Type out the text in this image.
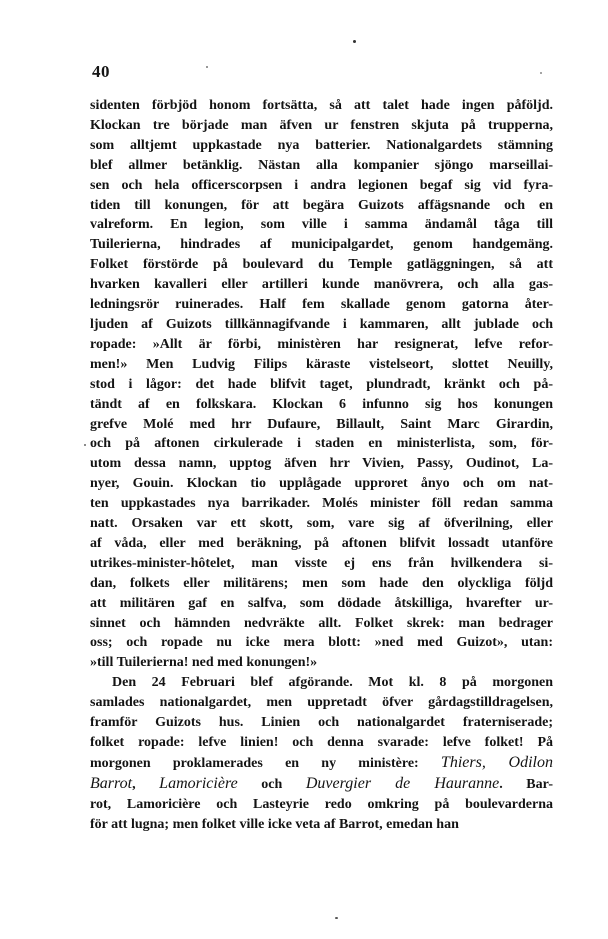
40
sidenten förbjöd honom fortsätta, så att talet hade ingen påföljd.
Klockan tre började man äfven ur fenstren skjuta på trupperna,
som alltjemt uppkastade nya batterier. Nationalgardets stämning
blef allmer betänklig. Nästan alla kompanier sjöngo marseillai-
sen och hela officerscorpsen i andra legionen begaf sig vid fyra-
tiden till konungen, för att begära Guizots affägsnande och en
valreform. En legion, som ville i samma ändamål tåga till
Tuilerierna, hindrades af municipalgardet, genom handgemäng.
Folket förstörde på boulevard du Temple gatläggningen, så att
hvarken kavalleri eller artilleri kunde manövrera, och alla gas-
ledningsrör ruinerades. Half fem skallade genom gatorna åter-
ljuden af Guizots tillkännagifvande i kammaren, allt jublade och
ropade: »Allt är förbi, ministèren har resignerat, lefve refor-
men!» Men Ludvig Filips käraste vistelseort, slottet Neuilly,
stod i lågor: det hade blifvit taget, plundradt, kränkt och på-
tändt af en folkskara. Klockan 6 infunno sig hos konungen
grefve Molé med hrr Dufaure, Billault, Saint Marc Girardin,
och på aftonen cirkulerade i staden en ministerlista, som, för-
utom dessa namn, upptog äfven hrr Vivien, Passy, Oudinot, La-
nyer, Gouin. Klockan tio upplågade upproret ånyo och om nat-
ten uppkastades nya barrikader. Molés minister föll redan samma
natt. Orsaken var ett skott, som, vare sig af öfverilning, eller
af våda, eller med beräkning, på aftonen blifvit lossadt utanföre
utrikes-minister-hôtelet, man visste ej ens från hvilkendera si-
dan, folkets eller militärens; men som hade den olyckliga följd
att militären gaf en salfva, som dödade åtskilliga, hvarefter ur-
sinnet och hämnden nedvräkte allt. Folket skrek: man bedrager
oss; och ropade nu icke mera blott: »ned med Guizot», utan:
»till Tuilerierna! ned med konungen!»
Den 24 Februari blef afgörande. Mot kl. 8 på morgonen
samlades nationalgardet, men uppretadt öfver gårdagstilldragelsen,
framför Guizots hus. Linien och nationalgardet fraterniserade;
folket ropade: lefve linien! och denna svarade: lefve folket! På
morgonen proklamerades en ny ministère: Thiers, Odilon
Barrot, Lamoricière och Duvergier de Hauranne. Bar-
rot, Lamoricière och Lasteyrie redo omkring på boulevarderna
för att lugna; men folket ville icke veta af Barrot, emedan han
